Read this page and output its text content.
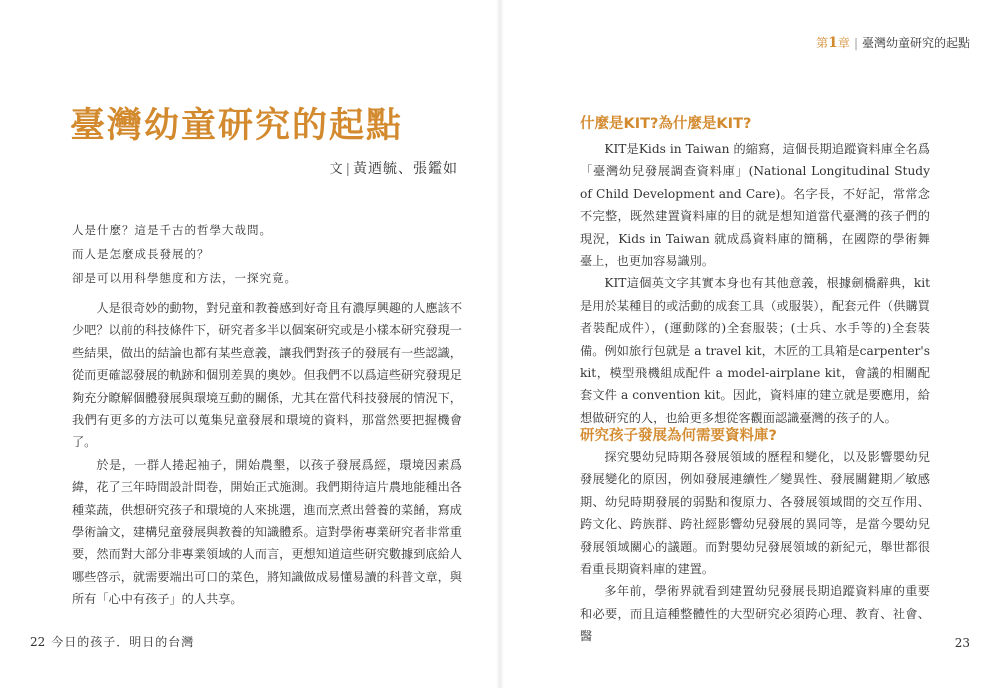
臺灣幼童研究的起點
文 | 黃迺毓、張鑑如
人是什麼？這是千古的哲學大哉問。
而人是怎麼成長發展的？
卻是可以用科學態度和方法，一探究竟。

人是很奇妙的動物，對兒童和教養感到好奇且有濃厚興趣的人應該不少吧？以前的科技條件下，研究者多半以個案研究或是小樣本研究發現一些結果，做出的結論也都有某些意義，讓我們對孩子的發展有一些認識，從而更確認發展的軌跡和個別差異的奧妙。但我們不以爲這些研究發現足夠充分瞭解個體發展與環境互動的關係，尤其在當代科技發展的情況下，我們有更多的方法可以蒐集兒童發展和環境的資料，那當然要把握機會了。

於是，一群人捲起袖子，開始農墾，以孩子發展爲經，環境因素爲緯，花了三年時間設計問卷，開始正式施測。我們期待這片農地能種出各種菜蔬，供想研究孩子和環境的人來挑選，進而烹煮出營養的菜餚，寫成學術論文，建構兒童發展與教養的知識體系。這對學術專業研究者非常重要，然而對大部分非專業領域的人而言，更想知道這些研究數據到底給人哪些啓示，就需要端出可口的菜色，將知識做成易懂易讀的科普文章，與所有「心中有孩子」的人共享。

22 今日的孩子．明日的台灣
第1章 | 臺灣幼童研究的起點
什麼是KIT?為什麼是KIT?

KIT是Kids in Taiwan 的縮寫，這個長期追蹤資料庫全名爲「臺灣幼兒發展調查資料庫」(National Longitudinal Study of Child Development and Care)。名字長，不好記，常常念不完整，既然建置資料庫的目的就是想知道當代臺灣的孩子們的現況，Kids in Taiwan 就成爲資料庫的簡稱，在國際的學術舞臺上，也更加容易識別。

KIT這個英文字其實本身也有其他意義，根據劍橋辭典，kit是用於某種目的或活動的成套工具（或服裝），配套元件（供購買者裝配成件），(運動隊的)全套服裝；(士兵、水手等的)全套裝備。例如旅行包就是 a travel kit，木匠的工具箱是carpenter's kit，模型飛機組成配件 a model-airplane kit，會議的相關配套文件 a convention kit。因此，資料庫的建立就是要應用，給想做研究的人，也給更多想從客觀面認識臺灣的孩子的人。

研究孩子發展為何需要資料庫?

探究嬰幼兒時期各發展領域的歷程和變化，以及影響嬰幼兒發展變化的原因，例如發展連續性／變異性、發展關鍵期／敏感期、幼兒時期發展的弱點和復原力、各發展領域間的交互作用、跨文化、跨族群、跨社經影響幼兒發展的異同等，是當今嬰幼兒發展領域關心的議題。而對嬰幼兒發展領域的新紀元，舉世都很看重長期資料庫的建置。

多年前，學術界就看到建置幼兒發展長期追蹤資料庫的重要和必要，而且這種整體性的大型研究必須跨心理、教育、社會、醫	23
